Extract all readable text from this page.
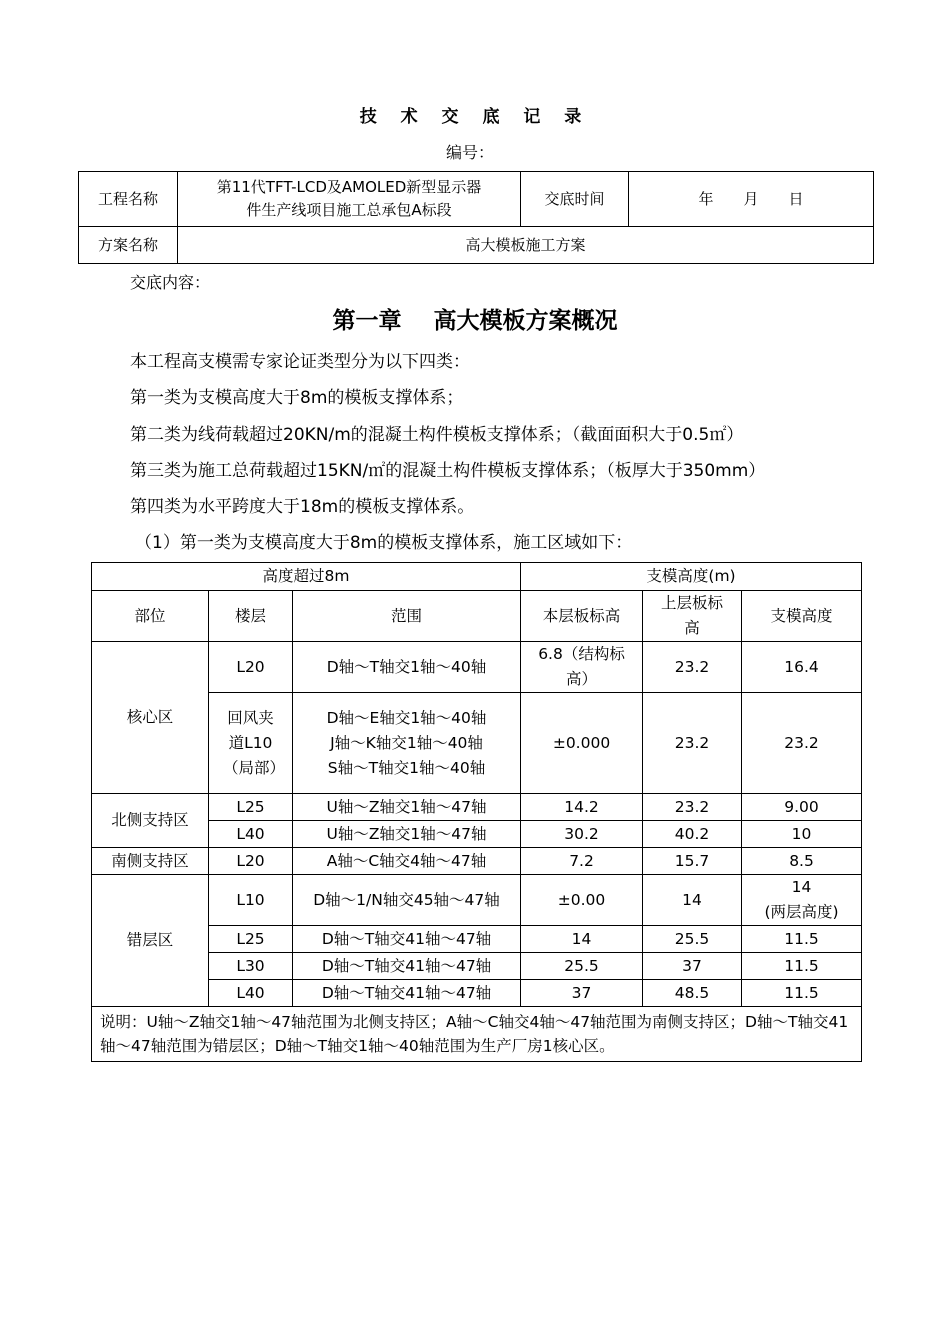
技 术 交 底 记 录
编号：
工程名称	第11代TFT-LCD及AMOLED新型显示器
件生产线项目施工总承包A标段	交底时间	年　　月　　日
方案名称	高大模板施工方案		
交底内容：
第一章  高大模板方案概况
本工程高支模需专家论证类型分为以下四类：
第一类为支模高度大于8m的模板支撑体系；
第二类为线荷载超过20KN/m的混凝土构件模板支撑体系；（截面面积大于0.5㎡）
第三类为施工总荷载超过15KN/㎡的混凝土构件模板支撑体系；（板厚大于350mm）
第四类为水平跨度大于18m的模板支撑体系。
（1）第一类为支模高度大于8m的模板支撑体系，施工区域如下：
高度超过8m			支模高度(m)		
部位	楼层	范围	本层板标高	上层板标高	支模高度
核心区	L20	D轴～T轴交1轴～40轴	6.8（结构标高）	23.2	16.4
	回风夹道L10（局部）	D轴～E轴交1轴～40轴
J轴～K轴交1轴～40轴
S轴～T轴交1轴～40轴	±0.000	23.2	23.2
北侧支持区	L25	U轴～Z轴交1轴～47轴	14.2	23.2	9.00
	L40	U轴～Z轴交1轴～47轴	30.2	40.2	10
南侧支持区	L20	A轴～C轴交4轴～47轴	7.2	15.7	8.5
错层区	L10	D轴～1/N轴交45轴～47轴	±0.00	14	14
(两层高度)

	L25	D轴～T轴交41轴～47轴	14	25.5	11.5
	L30	D轴～T轴交41轴～47轴	25.5	37	11.5
	L40	D轴～T轴交41轴～47轴	37	48.5	11.5
说明：U轴～Z轴交1轴～47轴范围为北侧支持区；A轴～C轴交4轴～47轴范围为南侧支持区；D轴～T轴交41轴～47轴范围为错层区；D轴～T轴交1轴～40轴范围为生产厂房1核心区。					
